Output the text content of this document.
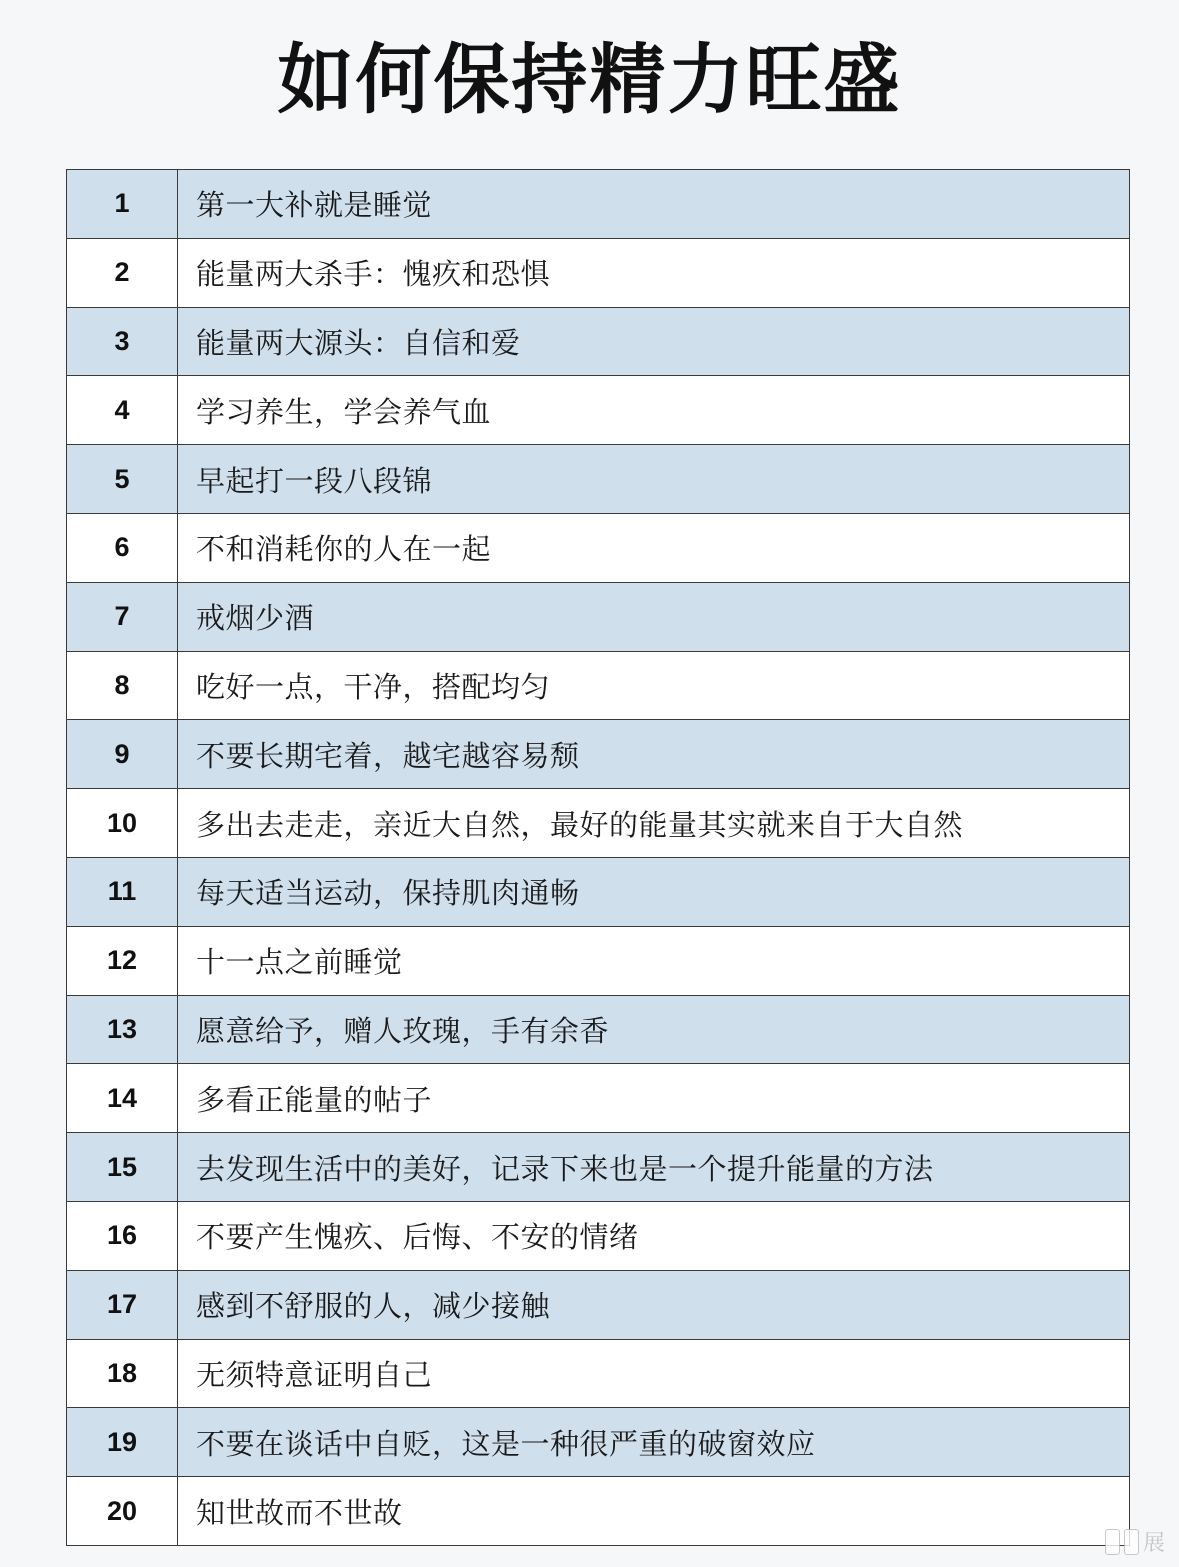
如何保持精力旺盛
1	第一大补就是睡觉
2	能量两大杀手：愧疚和恐惧
3	能量两大源头：自信和爱
4	学习养生，学会养气血
5	早起打一段八段锦
6	不和消耗你的人在一起
7	戒烟少酒
8	吃好一点，干净，搭配均匀
9	不要长期宅着，越宅越容易颓
10	多出去走走，亲近大自然，最好的能量其实就来自于大自然
11	每天适当运动，保持肌肉通畅
12	十一点之前睡觉
13	愿意给予，赠人玫瑰，手有余香
14	多看正能量的帖子
15	去发现生活中的美好，记录下来也是一个提升能量的方法
16	不要产生愧疚、后悔、不安的情绪
17	感到不舒服的人，减少接触
18	无须特意证明自己
19	不要在谈话中自贬，这是一种很严重的破窗效应
20	知世故而不世故
展
